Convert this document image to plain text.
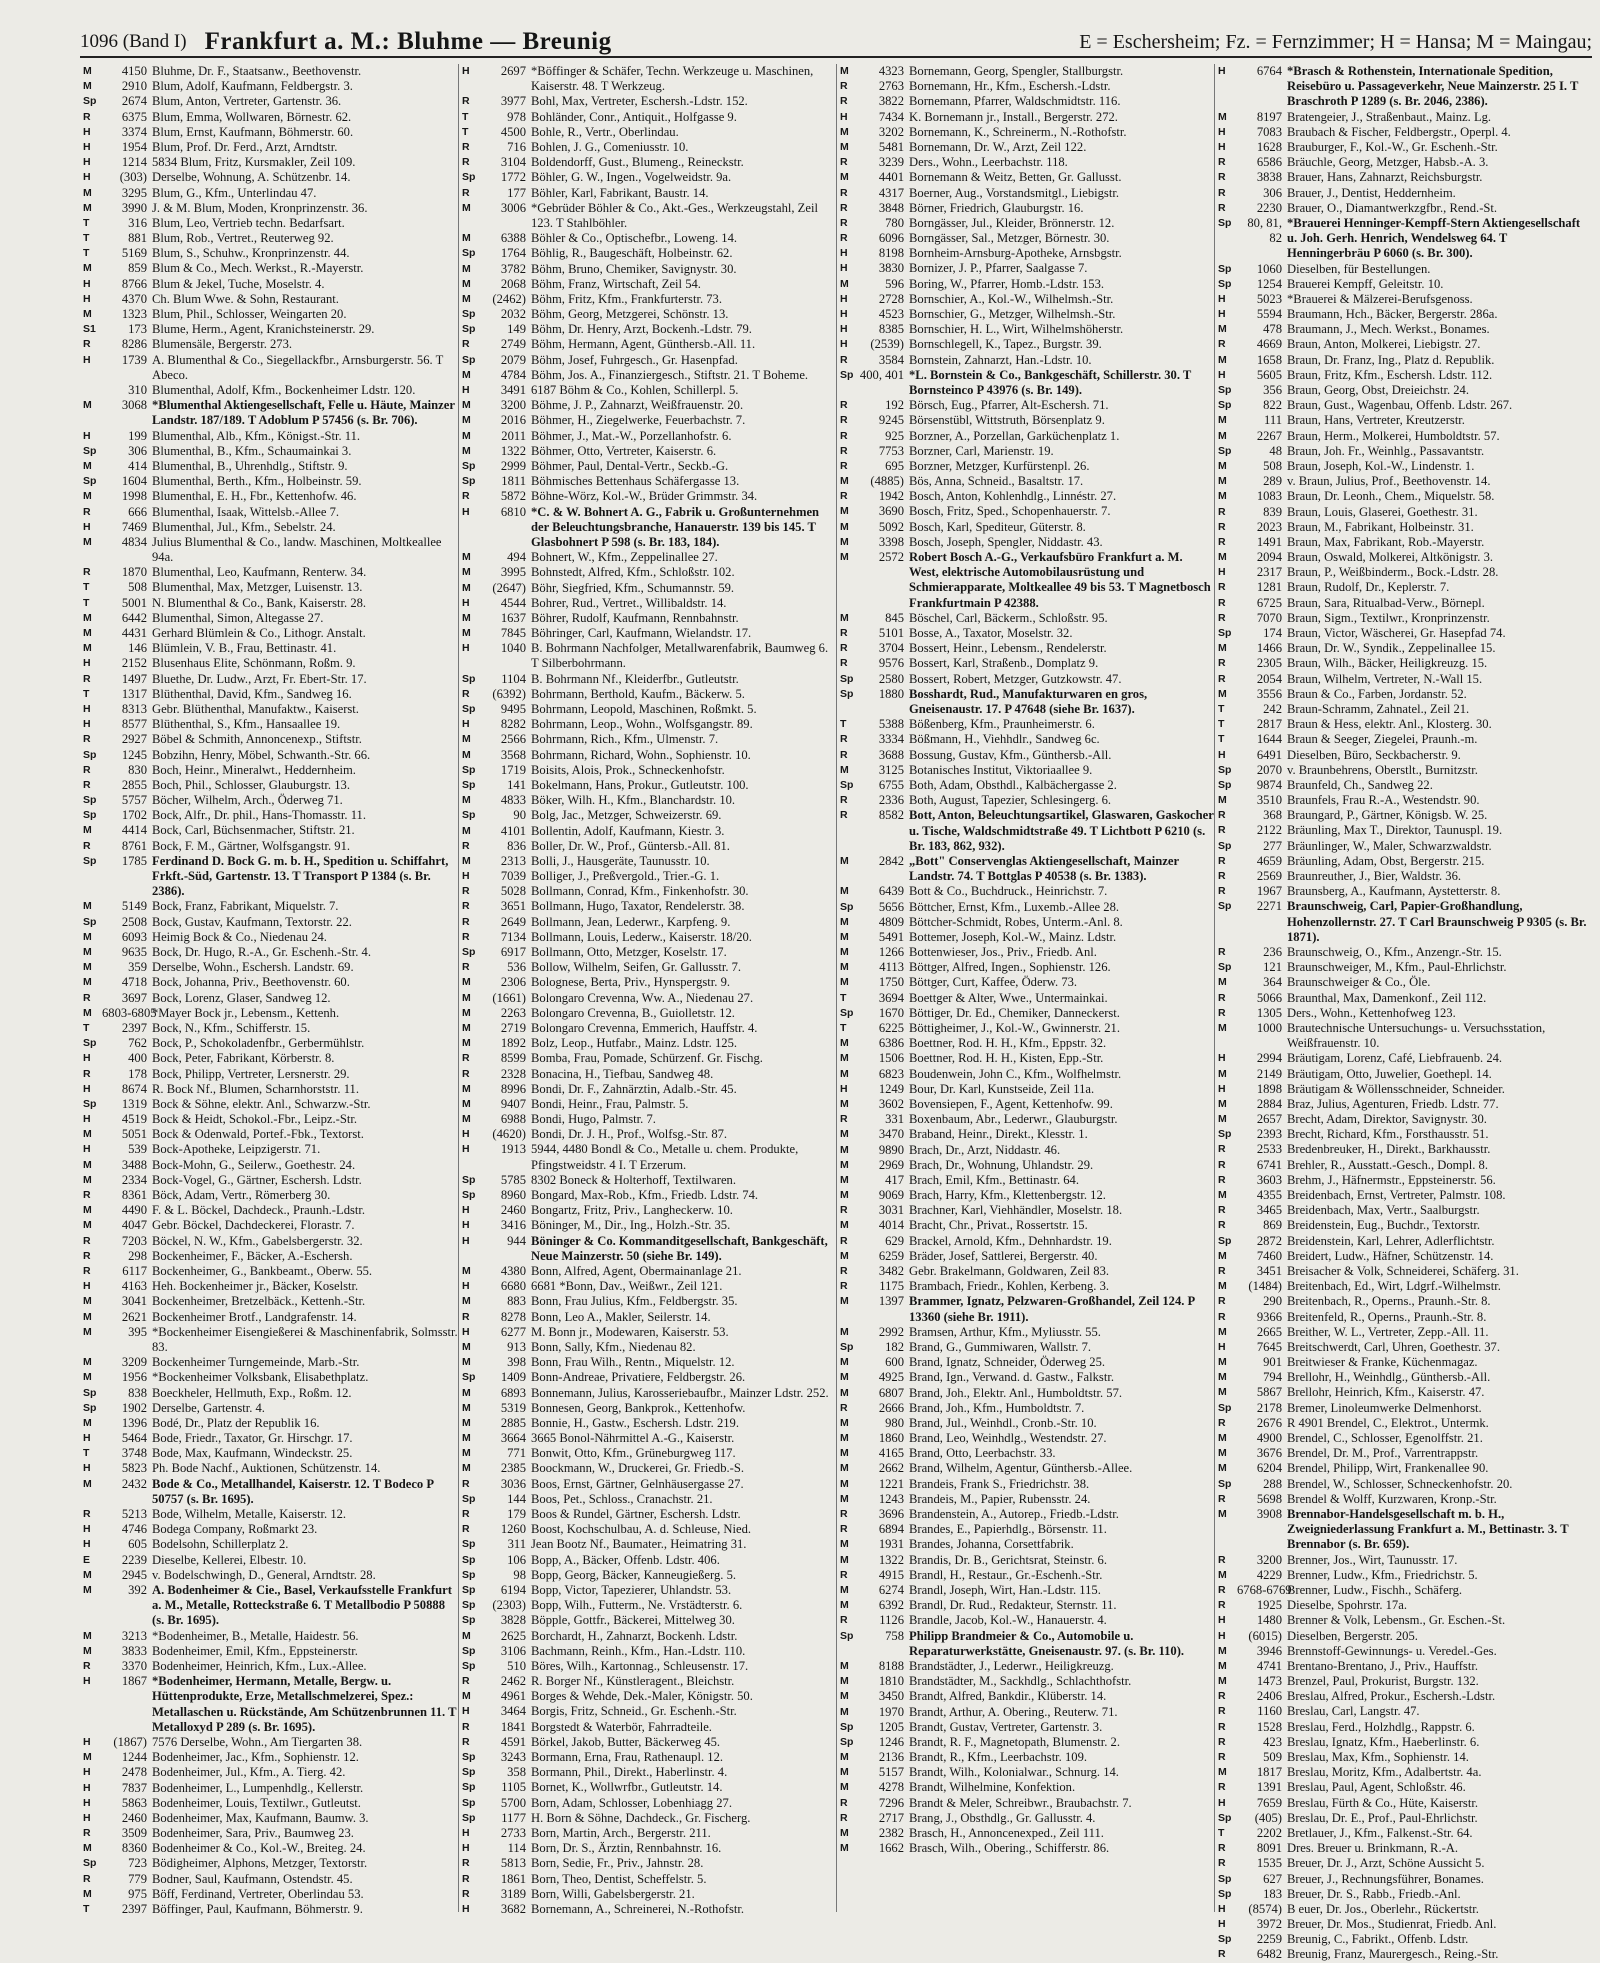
1096 (Band I) Frankfurt a. M.: Bluhme — Breunig	E = Eschersheim; Fz. = Fernzimmer; H = Hansa; M = Maingau;
M	4150 Bluhme, Dr. F., Staatsanw., Beethovenstr.
M	2910 Blum, Adolf, Kaufmann, Feldbergstr. 3.
Sp	2674 Blum, Anton, Vertreter, Gartenstr. 36.
R	6375 Blum, Emma, Wollwaren, Börnestr. 62.
H	3374 Blum, Ernst, Kaufmann, Böhmerstr. 60.
H	1954 Blum, Prof. Dr. Ferd., Arzt, Arndtstr.
H	1214 5834 Blum, Fritz, Kursmakler, Zeil 109.
H	(303) Derselbe, Wohnung, A. Schützenbr. 14.
M	3295 Blum, G., Kfm., Unterlindau 47.
M	3990 J. & M. Blum, Moden, Kronprinzenstr. 36.
T	316 Blum, Leo, Vertrieb techn. Bedarfsart.
T	881 Blum, Rob., Vertret., Reuterweg 92.
T	5169 Blum, S., Schuhw., Kronprinzenstr. 44.
M	859 Blum & Co., Mech. Werkst., R.-Mayerstr.
H	8766 Blum & Jekel, Tuche, Moselstr. 4.
H	4370 Ch. Blum Wwe. & Sohn, Restaurant.
M	1323 Blum, Phil., Schlosser, Weingarten 20.
S1	173 Blume, Herm., Agent, Kranichsteinerstr. 29.
R	8286 Blumensäle, Bergerstr. 273.
H	1739 A. Blumenthal & Co., Siegellackfbr., Arnsburgerstr. 56. T Abeco.
310 Blumenthal, Adolf, Kfm., Bockenheimer Ldstr. 120.
M	3068 *Blumenthal Aktiengesellschaft, Felle u. Häute, Mainzer Landstr. 187/189. T Adoblum P 57456 (s. Br. 706).
H	199 Blumenthal, Alb., Kfm., Königst.-Str. 11.
Sp	306 Blumenthal, B., Kfm., Schaumainkai 3.
M	414 Blumenthal, B., Uhrenhdlg., Stiftstr. 9.
Sp	1604 Blumenthal, Berth., Kfm., Holbeinstr. 59.
M	1998 Blumenthal, E. H., Fbr., Kettenhofw. 46.
R	666 Blumenthal, Isaak, Wittelsb.-Allee 7.
H	7469 Blumenthal, Jul., Kfm., Sebelstr. 24.
M	4834 Julius Blumenthal & Co., landw. Maschinen, Moltkeallee 94a.
R	1870 Blumenthal, Leo, Kaufmann, Renterw. 34.
T	508 Blumenthal, Max, Metzger, Luisenstr. 13.
T	5001 N. Blumenthal & Co., Bank, Kaiserstr. 28.
M	6442 Blumenthal, Simon, Altegasse 27.
M	4431 Gerhard Blümlein & Co., Lithogr. Anstalt.
M	146 Blümlein, V. B., Frau, Bettinastr. 41.
H	2152 Blusenhaus Elite, Schönmann, Roßm. 9.
R	1497 Bluethe, Dr. Ludw., Arzt, Fr. Ebert-Str. 17.
T	1317 Blüthenthal, David, Kfm., Sandweg 16.
H	8313 Gebr. Blüthenthal, Manufaktw., Kaiserst.
H	8577 Blüthenthal, S., Kfm., Hansaallee 19.
R	2927 Böbel & Schmith, Annoncenexp., Stiftstr.
Sp	1245 Bobzihn, Henry, Möbel, Schwanth.-Str. 66.
R	830 Boch, Heinr., Mineralwt., Heddernheim.
R	2855 Boch, Phil., Schlosser, Glauburgstr. 13.
Sp	5757 Böcher, Wilhelm, Arch., Öderweg 71.
Sp	1702 Bock, Alfr., Dr. phil., Hans-Thomasstr. 11.
M	4414 Bock, Carl, Büchsenmacher, Stiftstr. 21.
R	8761 Bock, F. M., Gärtner, Wolfsgangstr. 91.
Sp	1785 Ferdinand D. Bock G. m. b. H., Spedition u. Schiffahrt, Frkft.-Süd, Gartenstr. 13. T Transport P 1384 (s. Br. 2386).
M	5149 Bock, Franz, Fabrikant, Miquelstr. 7.
Sp	2508 Bock, Gustav, Kaufmann, Textorstr. 22.
M	6093 Heimig Bock & Co., Niedenau 24.
M	9635 Bock, Dr. Hugo, R.-A., Gr. Eschenh.-Str. 4.
M	359 Derselbe, Wohn., Eschersh. Landstr. 69.
M	4718 Bock, Johanna, Priv., Beethovenstr. 60.
R	3697 Bock, Lorenz, Glaser, Sandweg 12.
M 6803-6805
*Mayer Bock jr., Lebensm., Kettenh.
T	2397 Bock, N., Kfm., Schifferstr. 15.
Sp	762 Bock, P., Schokoladenfbr., Gerbermühlstr.
H	400 Bock, Peter, Fabrikant, Körberstr. 8.
R	178 Bock, Philipp, Vertreter, Lersnerstr. 29.
H	8674 R. Bock Nf., Blumen, Scharnhorststr. 11.
Sp	1319 Bock & Söhne, elektr. Anl., Schwarzw.-Str.
H	4519 Bock & Heidt, Schokol.-Fbr., Leipz.-Str.
M	5051 Bock & Odenwald, Portef.-Fbk., Textorst.
H	539 Bock-Apotheke, Leipzigerstr. 71.
M	3488 Bock-Mohn, G., Seilerw., Goethestr. 24.
M	2334 Bock-Vogel, G., Gärtner, Eschersh. Ldstr.
R	8361 Böck, Adam, Vertr., Römerberg 30.
M	4490 F. & L. Böckel, Dachdeck., Praunh.-Ldstr.
M	4047 Gebr. Böckel, Dachdeckerei, Florastr. 7.
R	7203 Böckel, N. W., Kfm., Gabelsbergerstr. 32.
R	298 Bockenheimer, F., Bäcker, A.-Eschersh.
R	6117 Bockenheimer, G., Bankbeamt., Oberw. 55.
H	4163 Heh. Bockenheimer jr., Bäcker, Koselstr.
M	3041 Bockenheimer, Bretzelbäck., Kettenh.-Str.
M	2621 Bockenheimer Brotf., Landgrafenstr. 14.
M	395 *Bockenheimer Eisengießerei & Maschinenfabrik, Solmsstr. 83.
M	3209 Bockenheimer Turngemeinde, Marb.-Str.
M	1956 *Bockenheimer Volksbank, Elisabethplatz.
Sp	838 Boeckheler, Hellmuth, Exp., Roßm. 12.
Sp	1902 Derselbe, Gartenstr. 4.
M	1396 Bodé, Dr., Platz der Republik 16.
H	5464 Bode, Friedr., Taxator, Gr. Hirschgr. 17.
T	3748 Bode, Max, Kaufmann, Windeckstr. 25.
H	5823 Ph. Bode Nachf., Auktionen, Schützenstr. 14.
M	2432 Bode & Co., Metallhandel, Kaiserstr. 12. T Bodeco P 50757 (s. Br. 1695).
R	5213 Bode, Wilhelm, Metalle, Kaiserstr. 12.
H	4746 Bodega Company, Roßmarkt 23.
H	605 Bodelsohn, Schillerplatz 2.
E	2239 Dieselbe, Kellerei, Elbestr. 10.
M	2945 v. Bodelschwingh, D., General, Arndtstr. 28.
M	392 A. Bodenheimer & Cie., Basel, Verkaufsstelle Frankfurt a. M., Metalle, Rotteckstraße 6. T Metallbodio P 50888 (s. Br. 1695).
M	3213 *Bodenheimer, B., Metalle, Haidestr. 56.
M	3833 Bodenheimer, Emil, Kfm., Eppsteinerstr.
R	3370 Bodenheimer, Heinrich, Kfm., Lux.-Allee.
H	1867 *Bodenheimer, Hermann, Metalle, Bergw. u. Hüttenprodukte, Erze, Metallschmelzerei, Spez.: Metallaschen u. Rückstände, Am Schützenbrunnen 11. T Metalloxyd P 289 (s. Br. 1695).
H	(1867) 7576 Derselbe, Wohn., Am Tiergarten 38.
M	1244 Bodenheimer, Jac., Kfm., Sophienstr. 12.
H	2478 Bodenheimer, Jul., Kfm., A. Tierg. 42.
H	7837 Bodenheimer, L., Lumpenhdlg., Kellerstr.
H	5863 Bodenheimer, Louis, Textilwr., Gutleutst.
H	2460 Bodenheimer, Max, Kaufmann, Baumw. 3.
R	3509 Bodenheimer, Sara, Priv., Baumweg 23.
M	8360 Bodenheimer & Co., Kol.-W., Breiteg. 24.
Sp	723 Bödigheimer, Alphons, Metzger, Textorstr.
R	779 Bodner, Saul, Kaufmann, Ostendstr. 45.
M	975 Böff, Ferdinand, Vertreter, Oberlindau 53.
T	2397 Böffinger, Paul, Kaufmann, Böhmerstr. 9.
H	2697 *Böffinger & Schäfer, Techn. Werkzeuge u. Maschinen, Kaiserstr. 48. T Werkzeug.
R	3977 Bohl, Max, Vertreter, Eschersh.-Ldstr. 152.
T	978 Bohländer, Conr., Antiquit., Holfgasse 9.
T	4500 Bohle, R., Vertr., Oberlindau.
R	716 Bohlen, J. G., Comeniusstr. 10.
R	3104 Boldendorff, Gust., Blumeng., Reineckstr.
Sp	1772 Böhler, G. W., Ingen., Vogelweidstr. 9a.
R	177 Böhler, Karl, Fabrikant, Baustr. 14.
M	3006 *Gebrüder Böhler & Co., Akt.-Ges., Werkzeugstahl, Zeil 123. T Stahlböhler.
M	6388 Böhler & Co., Optischefbr., Loweng. 14.
Sp	1764 Böhlig, R., Baugeschäft, Holbeinstr. 62.
M	3782 Böhm, Bruno, Chemiker, Savignystr. 30.
M	2068 Böhm, Franz, Wirtschaft, Zeil 54.
M	(2462) Böhm, Fritz, Kfm., Frankfurterstr. 73.
Sp	2032 Böhm, Georg, Metzgerei, Schönstr. 13.
Sp	149 Böhm, Dr. Henry, Arzt, Bockenh.-Ldstr. 79.
R	2749 Böhm, Hermann, Agent, Günthersb.-All. 11.
Sp	2079 Böhm, Josef, Fuhrgesch., Gr. Hasenpfad.
M	4784 Böhm, Jos. A., Finanziergesch., Stiftstr. 21. T Boheme.
H	3491 6187 Böhm & Co., Kohlen, Schillerpl. 5.
M	3200 Böhme, J. P., Zahnarzt, Weißfrauenstr. 20.
M	2016 Böhmer, H., Ziegelwerke, Feuerbachstr. 7.
M	2011 Böhmer, J., Mat.-W., Porzellanhofstr. 6.
M	1322 Böhmer, Otto, Vertreter, Kaiserstr. 6.
Sp	2999 Böhmer, Paul, Dental-Vertr., Seckb.-G.
Sp	1811 Böhmisches Bettenhaus Schäfergasse 13.
R	5872 Böhne-Wörz, Kol.-W., Brüder Grimmstr. 34.
H	6810 *C. & W. Bohnert A. G., Fabrik u. Großunternehmen der Beleuchtungsbranche, Hanauerstr. 139 bis 145. T Glasbohnert P 598 (s. Br. 183, 184).
M	494 Bohnert, W., Kfm., Zeppelinallee 27.
M	3995 Bohnstedt, Alfred, Kfm., Schloßstr. 102.
M	(2647) Böhr, Siegfried, Kfm., Schumannstr. 59.
H	4544 Bohrer, Rud., Vertret., Willibaldstr. 14.
M	1637 Böhrer, Rudolf, Kaufmann, Rennbahnstr.
M	7845 Böhringer, Carl, Kaufmann, Wielandstr. 17.
H	1040 B. Bohrmann Nachfolger, Metallwarenfabrik, Baumweg 6. T Silberbohrmann.
Sp	1104 B. Bohrmann Nf., Kleiderfbr., Gutleutstr.
R	(6392) Bohrmann, Berthold, Kaufm., Bäckerw. 5.
Sp	9495 Bohrmann, Leopold, Maschinen, Roßmkt. 5.
H	8282 Bohrmann, Leop., Wohn., Wolfsgangstr. 89.
M	2566 Bohrmann, Rich., Kfm., Ulmenstr. 7.
M	3568 Bohrmann, Richard, Wohn., Sophienstr. 10.
Sp	1719 Boisits, Alois, Prok., Schneckenhofstr.
Sp	141 Bokelmann, Hans, Prokur., Gutleutstr. 100.
M	4833 Böker, Wilh. H., Kfm., Blanchardstr. 10.
Sp	90 Bolg, Jac., Metzger, Schweizerstr. 69.
M	4101 Bollentin, Adolf, Kaufmann, Kiestr. 3.
R	836 Boller, Dr. W., Prof., Güntersb.-All. 81.
M	2313 Bolli, J., Hausgeräte, Taunusstr. 10.
H	7039 Bolliger, J., Preßvergold., Trier.-G. 1.
R	5028 Bollmann, Conrad, Kfm., Finkenhofstr. 30.
R	3651 Bollmann, Hugo, Taxator, Rendelerstr. 38.
R	2649 Bollmann, Jean, Lederwr., Karpfeng. 9.
R	7134 Bollmann, Louis, Lederw., Kaiserstr. 18/20.
Sp	6917 Bollmann, Otto, Metzger, Koselstr. 17.
R	536 Bollow, Wilhelm, Seifen, Gr. Gallusstr. 7.
M	2306 Bolognese, Berta, Priv., Hynspergstr. 9.
M	(1661) Bolongaro Crevenna, Ww. A., Niedenau 27.
M	2263 Bolongaro Crevenna, B., Guiolletstr. 12.
M	2719 Bolongaro Crevenna, Emmerich, Hauffstr. 4.
M	1892 Bolz, Leop., Hutfabr., Mainz. Ldstr. 125.
R	8599 Bomba, Frau, Pomade, Schürzenf. Gr. Fischg.
R	2328 Bonacina, H., Tiefbau, Sandweg 48.
M	8996 Bondi, Dr. F., Zahnärztin, Adalb.-Str. 45.
M	9407 Bondi, Heinr., Frau, Palmstr. 5.
M	6988 Bondi, Hugo, Palmstr. 7.
H	(4620) Bondi, Dr. J. H., Prof., Wolfsg.-Str. 87.
H	1913 5944, 4480 Bondl & Co., Metalle u. chem. Produkte, Pfingstweidstr. 4 I. T Erzerum.
Sp	5785 8302 Boneck & Holterhoff, Textilwaren.
Sp	8960 Bongard, Max-Rob., Kfm., Friedb. Ldstr. 74.
H	2460 Bongartz, Fritz, Priv., Langheckerw. 10.
H	3416 Böninger, M., Dir., Ing., Holzh.-Str. 35.
H	944 Böninger & Co. Kommanditgesellschaft, Bankgeschäft, Neue Mainzerstr. 50 (siehe Br. 149).
M	4380 Bonn, Alfred, Agent, Obermainanlage 21.
H	6680 6681 *Bonn, Dav., Weißwr., Zeil 121.
M	883 Bonn, Frau Julius, Kfm., Feldbergstr. 35.
R	8278 Bonn, Leo A., Makler, Seilerstr. 14.
H	6277 M. Bonn jr., Modewaren, Kaiserstr. 53.
M	913 Bonn, Sally, Kfm., Niedenau 82.
M	398 Bonn, Frau Wilh., Rentn., Miquelstr. 12.
Sp	1409 Bonn-Andreae, Privatiere, Feldbergstr. 26.
M	6893 Bonnemann, Julius, Karosseriebaufbr., Mainzer Ldstr. 252.
M	5319 Bonnesen, Georg, Bankprok., Kettenhofw.
M	2885 Bonnie, H., Gastw., Eschersh. Ldstr. 219.
M	3664 3665 Bonol-Nährmittel A.-G., Kaiserstr.
M	771 Bonwit, Otto, Kfm., Grüneburgweg 117.
M	2385 Boockmann, W., Druckerei, Gr. Friedb.-S.
R	3036 Boos, Ernst, Gärtner, Gelnhäusergasse 27.
Sp	144 Boos, Pet., Schloss., Cranachstr. 21.
R	179 Boos & Rundel, Gärtner, Eschersh. Ldstr.
R	1260 Boost, Kochschulbau, A. d. Schleuse, Nied.
Sp	311 Jean Bootz Nf., Baumater., Heimatring 31.
Sp	106 Bopp, A., Bäcker, Offenb. Ldstr. 406.
Sp	98 Bopp, Georg, Bäcker, Kanneugießerg. 5.
Sp	6194 Bopp, Victor, Tapezierer, Uhlandstr. 53.
Sp	(2303) Bopp, Wilh., Futterm., Ne. Vrstädterstr. 6.
Sp	3828 Böpple, Gottfr., Bäckerei, Mittelweg 30.
M	2625 Borchardt, H., Zahnarzt, Bockenh. Ldstr.
Sp	3106 Bachmann, Reinh., Kfm., Han.-Ldstr. 110.
Sp	510 Böres, Wilh., Kartonnag., Schleusenstr. 17.
R	2462 R. Borger Nf., Künstleragent., Bleichstr.
M	4961 Borges & Wehde, Dek.-Maler, Königstr. 50.
H	3464 Borgis, Fritz, Schneid., Gr. Eschenh.-Str.
R	1841 Borgstedt & Waterbör, Fahrradteile.
R	4591 Börkel, Jakob, Butter, Bäckerweg 45.
Sp	3243 Bormann, Erna, Frau, Rathenaupl. 12.
Sp	358 Bormann, Phil., Direkt., Haberlinstr. 4.
Sp	1105 Bornet, K., Wollwrfbr., Gutleutstr. 14.
Sp	5700 Born, Adam, Schlosser, Lobenhiagg 27.
Sp	1177 H. Born & Söhne, Dachdeck., Gr. Fischerg.
H	2733 Born, Martin, Arch., Bergerstr. 211.
H	114 Born, Dr. S., Ärztin, Rennbahnstr. 16.
R	5813 Born, Sedie, Fr., Priv., Jahnstr. 28.
R	1861 Born, Theo, Dentist, Scheffelstr. 5.
R	3189 Born, Willi, Gabelsbergerstr. 21.
H	3682 Bornemann, A., Schreinerei, N.-Rothofstr.
M	4323 Bornemann, Georg, Spengler, Stallburgstr.
R	2763 Bornemann, Hr., Kfm., Eschersh.-Ldstr.
R	3822 Bornemann, Pfarrer, Waldschmidtstr. 116.
H	7434 K. Bornemann jr., Install., Bergerstr. 272.
M	3202 Bornemann, K., Schreinerm., N.-Rothofstr.
M	5481 Bornemann, Dr. W., Arzt, Zeil 122.
R	3239 Ders., Wohn., Leerbachstr. 118.
M	4401 Bornemann & Weitz, Betten, Gr. Gallusst.
R	4317 Boerner, Aug., Vorstandsmitgl., Liebigstr.
R	3848 Börner, Friedrich, Glauburgstr. 16.
R	780 Borngässer, Jul., Kleider, Brönnerstr. 12.
R	6096 Borngässer, Sal., Metzger, Börnestr. 30.
H	8198 Bornheim-Arnsburg-Apotheke, Arnsbgstr.
H	3830 Bornizer, J. P., Pfarrer, Saalgasse 7.
M	596 Boring, W., Pfarrer, Homb.-Ldstr. 153.
H	2728 Bornschier, A., Kol.-W., Wilhelmsh.-Str.
H	4523 Bornschier, G., Metzger, Wilhelmsh.-Str.
H	8385 Bornschier, H. L., Wirt, Wilhelmshöherstr.
H	(2539) Bornschlegell, K., Tapez., Burgstr. 39.
R	3584 Bornstein, Zahnarzt, Han.-Ldstr. 10.
Sp 400, 401 *L. Bornstein & Co., Bankgeschäft, Schillerstr. 30. T Bornsteinco P 43976 (s. Br. 149).
R	192 Börsch, Eug., Pfarrer, Alt-Eschersh. 71.
R	9245 Börsenstübl, Wittstruth, Börsenplatz 9.
R	925 Borzner, A., Porzellan, Garküchenplatz 1.
R	7753 Borzner, Carl, Marienstr. 19.
R	695 Borzner, Metzger, Kurfürstenpl. 26.
M	(4885) Bös, Anna, Schneid., Basaltstr. 17.
R	1942 Bosch, Anton, Kohlenhdlg., Linnéstr. 27.
M	3690 Bosch, Fritz, Sped., Schopenhauerstr. 7.
M	5092 Bosch, Karl, Spediteur, Güterstr. 8.
M	3398 Bosch, Joseph, Spengler, Niddastr. 43.
M	2572 Robert Bosch A.-G., Verkaufsbüro Frankfurt a. M. West, elektrische Automobilausrüstung und Schmierapparate, Moltkeallee 49 bis 53. T Magnetbosch Frankfurtmain P 42388.
M	845 Böschel, Carl, Bäckerm., Schloßstr. 95.
R	5101 Bosse, A., Taxator, Moselstr. 32.
R	3704 Bossert, Heinr., Lebensm., Rendelerstr.
R	9576 Bossert, Karl, Straßenb., Domplatz 9.
Sp	2580 Bossert, Robert, Metzger, Gutzkowstr. 47.
Sp	1880 Bosshardt, Rud., Manufakturwaren en gros, Gneisenaustr. 17. P 47648 (siehe Br. 1637).
T	5388 Bößenberg, Kfm., Praunheimerstr. 6.
R	3334 Bößmann, H., Viehhdlr., Sandweg 6c.
R	3688 Bossung, Gustav, Kfm., Günthersb.-All.
M	3125 Botanisches Institut, Viktoriaallee 9.
Sp	6755 Both, Adam, Obsthdl., Kalbächergasse 2.
R	2336 Both, August, Tapezier, Schlesingerg. 6.
R	8582 Bott, Anton, Beleuchtungsartikel, Glaswaren, Gaskocher u. Tische, Waldschmidtstraße 49. T Lichtbott P 6210 (s. Br. 183, 862, 932).
M	2842 „Bott" Conservenglas Aktiengesellschaft, Mainzer Landstr. 74. T Bottglas P 40538 (s. Br. 1383).
M	6439 Bott & Co., Buchdruck., Heinrichstr. 7.
Sp	5656 Böttcher, Ernst, Kfm., Luxemb.-Allee 28.
M	4809 Böttcher-Schmidt, Robes, Unterm.-Anl. 8.
M	5491 Bottemer, Joseph, Kol.-W., Mainz. Ldstr.
M	1266 Bottenwieser, Jos., Priv., Friedb. Anl.
M	4113 Böttger, Alfred, Ingen., Sophienstr. 126.
M	1750 Böttger, Curt, Kaffee, Öderw. 73.
T	3694 Boettger & Alter, Wwe., Untermainkai.
Sp	1670 Böttiger, Dr. Ed., Chemiker, Danneckerst.
T	6225 Böttigheimer, J., Kol.-W., Gwinnerstr. 21.
M	6386 Boettner, Rod. H. H., Kfm., Eppstr. 32.
M	1506 Boettner, Rod. H. H., Kisten, Epp.-Str.
M	6823 Boudenwein, John C., Kfm., Wolfhelmstr.
H	1249 Bour, Dr. Karl, Kunstseide, Zeil 11a.
M	3602 Bovensiepen, F., Agent, Kettenhofw. 99.
R	331 Boxenbaum, Abr., Lederwr., Glauburgstr.
M	3470 Braband, Heinr., Direkt., Klesstr. 1.
M	9890 Brach, Dr., Arzt, Niddastr. 46.
M	2969 Brach, Dr., Wohnung, Uhlandstr. 29.
M	417 Brach, Emil, Kfm., Bettinastr. 64.
M	9069 Brach, Harry, Kfm., Klettenbergstr. 12.
R	3031 Brachner, Karl, Viehhändler, Moselstr. 18.
M	4014 Bracht, Chr., Privat., Rossertstr. 15.
R	629 Brackel, Arnold, Kfm., Dehnhardstr. 19.
M	6259 Bräder, Josef, Sattlerei, Bergerstr. 40.
R	3482 Gebr. Brakelmann, Goldwaren, Zeil 83.
R	1175 Brambach, Friedr., Kohlen, Kerbeng. 3.
M	1397 Brammer, Ignatz, Pelzwaren-Großhandel, Zeil 124. P 13360 (siehe Br. 1911).
M	2992 Bramsen, Arthur, Kfm., Myliusstr. 55.
Sp	182 Brand, G., Gummiwaren, Wallstr. 7.
M	600 Brand, Ignatz, Schneider, Öderweg 25.
M	4925 Brand, Ign., Verwand. d. Gastw., Falkstr.
M	6807 Brand, Joh., Elektr. Anl., Humboldtstr. 57.
R	2666 Brand, Joh., Kfm., Humboldtstr. 7.
M	980 Brand, Jul., Weinhdl., Cronb.-Str. 10.
M	1860 Brand, Leo, Weinhdlg., Westendstr. 27.
M	4165 Brand, Otto, Leerbachstr. 33.
M	2662 Brand, Wilhelm, Agentur, Günthersb.-Allee.
M	1221 Brandeis, Frank S., Friedrichstr. 38.
M	1243 Brandeis, M., Papier, Rubensstr. 24.
R	3696 Brandenstein, A., Autorep., Friedb.-Ldstr.
R	6894 Brandes, E., Papierhdlg., Börsenstr. 11.
M	1931 Brandes, Johanna, Corsettfabrik.
M	1322 Brandis, Dr. B., Gerichtsrat, Steinstr. 6.
R	4915 Brandl, H., Restaur., Gr.-Eschenh.-Str.
M	6274 Brandl, Joseph, Wirt, Han.-Ldstr. 115.
M	6392 Brandl, Dr. Rud., Redakteur, Sternstr. 11.
R	1126 Brandle, Jacob, Kol.-W., Hanauerstr. 4.
Sp	758 Philipp Brandmeier & Co., Automobile u. Reparaturwerkstätte, Gneisenaustr. 97. (s. Br. 110).
M	8188 Brandstädter, J., Lederwr., Heiligkreuzg.
M	1810 Brandstädter, M., Sackhdlg., Schlachthofstr.
M	3450 Brandt, Alfred, Bankdir., Klüberstr. 14.
M	1970 Brandt, Arthur, A. Obering., Reuterw. 71.
Sp	1205 Brandt, Gustav, Vertreter, Gartenstr. 3.
Sp	1246 Brandt, R. F., Magnetopath, Blumenstr. 2.
M	2136 Brandt, R., Kfm., Leerbachstr. 109.
M	5157 Brandt, Wilh., Kolonialwar., Schnurg. 14.
M	4278 Brandt, Wilhelmine, Konfektion.
R	7296 Brandt & Meler, Schreibwr., Braubachstr. 7.
R	2717 Brang, J., Obsthdlg., Gr. Gallusstr. 4.
M	2382 Brasch, H., Annoncenexped., Zeil 111.
M	1662 Brasch, Wilh., Obering., Schifferstr. 86.
H	6764 *Brasch & Rothenstein, Internationale Spedition, Reisebüro u. Passageverkehr, Neue Mainzerstr. 25 I. T Braschroth P 1289 (s. Br. 2046, 2386).
M	8197 Bratengeier, J., Straßenbaut., Mainz. Lg.
H	7083 Braubach & Fischer, Feldbergstr., Operpl. 4.
H	1628 Brauburger, F., Kol.-W., Gr. Eschenh.-Str.
R	6586 Bräuchle, Georg, Metzger, Habsb.-A. 3.
R	3838 Brauer, Hans, Zahnarzt, Reichsburgstr.
R	306 Brauer, J., Dentist, Heddernheim.
R	2230 Brauer, O., Diamantwerkzgfbr., Rend.-St.
Sp	80, 81, 82
*Brauerei Henninger-Kempff-Stern Aktiengesellschaft u. Joh. Gerh. Henrich, Wendelsweg 64. T Henningerbräu P 6060 (s. Br. 300).
Sp	1060 Dieselben, für Bestellungen.
Sp	1254 Brauerei Kempff, Geleitstr. 10.
H	5023 *Brauerei & Mälzerei-Berufsgenoss.
H	5594 Braumann, Hch., Bäcker, Bergerstr. 286a.
M	478 Braumann, J., Mech. Werkst., Bonames.
R	4669 Braun, Anton, Molkerei, Liebigstr. 27.
M	1658 Braun, Dr. Franz, Ing., Platz d. Republik.
H	5605 Braun, Fritz, Kfm., Eschersh. Ldstr. 112.
Sp	356 Braun, Georg, Obst, Dreieichstr. 24.
Sp	822 Braun, Gust., Wagenbau, Offenb. Ldstr. 267.
M	111 Braun, Hans, Vertreter, Kreutzerstr.
M	2267 Braun, Herm., Molkerei, Humboldtstr. 57.
Sp	48 Braun, Joh. Fr., Weinhlg., Passavantstr.
M	508 Braun, Joseph, Kol.-W., Lindenstr. 1.
M	289 v. Braun, Julius, Prof., Beethovenstr. 14.
M	1083 Braun, Dr. Leonh., Chem., Miquelstr. 58.
R	839 Braun, Louis, Glaserei, Goethestr. 31.
R	2023 Braun, M., Fabrikant, Holbeinstr. 31.
R	1491 Braun, Max, Fabrikant, Rob.-Mayerstr.
M	2094 Braun, Oswald, Molkerei, Altkönigstr. 3.
H	2317 Braun, P., Weißbinderm., Bock.-Ldstr. 28.
R	1281 Braun, Rudolf, Dr., Keplerstr. 7.
R	6725 Braun, Sara, Ritualbad-Verw., Börnepl.
R	7070 Braun, Sigm., Textilwr., Kronprinzenstr.
Sp	174 Braun, Victor, Wäscherei, Gr. Hasepfad 74.
M	1466 Braun, Dr. W., Syndik., Zeppelinallee 15.
R	2305 Braun, Wilh., Bäcker, Heiligkreuzg. 15.
R	2054 Braun, Wilhelm, Vertreter, N.-Wall 15.
M	3556 Braun & Co., Farben, Jordanstr. 52.
T	242 Braun-Schramm, Zahnatel., Zeil 21.
T	2817 Braun & Hess, elektr. Anl., Klosterg. 30.
T	1644 Braun & Seeger, Ziegelei, Praunh.-m.
H	6491 Dieselben, Büro, Seckbacherstr. 9.
Sp	2070 v. Braunbehrens, Oberstlt., Burnitzstr.
Sp	9874 Braunfeld, Ch., Sandweg 22.
M	3510 Braunfels, Frau R.-A., Westendstr. 90.
R	368 Braungard, P., Gärtner, Königsb. W. 25.
R	2122 Bräunling, Max T., Direktor, Taunuspl. 19.
Sp	277 Bräunlinger, W., Maler, Schwarzwaldstr.
R	4659 Bräunling, Adam, Obst, Bergerstr. 215.
R	2569 Braunreuther, J., Bier, Waldstr. 36.
R	1967 Braunsberg, A., Kaufmann, Aystetterstr. 8.
Sp	2271 Braunschweig, Carl, Papier-Großhandlung, Hohenzollernstr. 27. T Carl Braunschweig P 9305 (s. Br. 1871).
R	236 Braunschweig, O., Kfm., Anzengr.-Str. 15.
Sp	121 Braunschweiger, M., Kfm., Paul-Ehrlichstr.
M	364 Braunschweiger & Co., Öle.
R	5066 Braunthal, Max, Damenkonf., Zeil 112.
R	1305 Ders., Wohn., Kettenhofweg 123.
M	1000 Brautechnische Untersuchungs- u. Versuchsstation, Weißfrauenstr. 10.
H	2994 Bräutigam, Lorenz, Café, Liebfrauenb. 24.
M	2149 Bräutigam, Otto, Juwelier, Goethepl. 14.
H	1898 Bräutigam & Wöllensschneider, Schneider.
M	2884 Braz, Julius, Agenturen, Friedb. Ldstr. 77.
M	2657 Brecht, Adam, Direktor, Savignystr. 30.
Sp	2393 Brecht, Richard, Kfm., Forsthausstr. 51.
R	2533 Bredenbreuker, H., Direkt., Barkhausstr.
R	6741 Brehler, R., Ausstatt.-Gesch., Dompl. 8.
R	3603 Brehm, J., Häfnermstr., Eppsteinerstr. 56.
M	4355 Breidenbach, Ernst, Vertreter, Palmstr. 108.
R	3465 Breidenbach, Max, Vertr., Saalburgstr.
R	869 Breidenstein, Eug., Buchdr., Textorstr.
Sp	2872 Breidenstein, Karl, Lehrer, Adlerflichtstr.
M	7460 Breidert, Ludw., Häfner, Schützenstr. 14.
R	3451 Breisacher & Volk, Schneiderei, Schäferg. 31.
M	(1484) Breitenbach, Ed., Wirt, Ldgrf.-Wilhelmstr.
R	290 Breitenbach, R., Operns., Praunh.-Str. 8.
R	9366 Breitenfeld, R., Operns., Praunh.-Str. 8.
M	2665 Breither, W. L., Vertreter, Zepp.-All. 11.
H	7645 Breitschwerdt, Carl, Uhren, Goethestr. 37.
M	901 Breitwieser & Franke, Küchenmagaz.
M	794 Brellohr, H., Weinhdlg., Günthersb.-All.
M	5867 Brellohr, Heinrich, Kfm., Kaiserstr. 47.
Sp	2178 Bremer, Linoleumwerke Delmenhorst.
R	2676 R 4901 Brendel, C., Elektrot., Untermk.
M	4900 Brendel, C., Schlosser, Egenolffstr. 21.
M	3676 Brendel, Dr. M., Prof., Varrentrappstr.
M	6204 Brendel, Philipp, Wirt, Frankenallee 90.
Sp	288 Brendel, W., Schlosser, Schneckenhofstr. 20.
R	5698 Brendel & Wolff, Kurzwaren, Kronp.-Str.
M	3908 Brennabor-Handelsgesellschaft m. b. H., Zweigniederlassung Frankfurt a. M., Bettinastr. 3. T Brennabor (s. Br. 659).
R	3200 Brenner, Jos., Wirt, Taunusstr. 17.
M	4229 Brenner, Ludw., Kfm., Friedrichstr. 5.
R 6768-6769
Brenner, Ludw., Fischh., Schäferg.
R	1925 Dieselbe, Spohrstr. 17a.
H	1480 Brenner & Volk, Lebensm., Gr. Eschen.-St.
H	(6015) Dieselben, Bergerstr. 205.
M	3946 Brennstoff-Gewinnungs- u. Veredel.-Ges.
M	4741 Brentano-Brentano, J., Priv., Hauffstr.
M	1473 Brenzel, Paul, Prokurist, Burgstr. 132.
R	2406 Breslau, Alfred, Prokur., Eschersh.-Ldstr.
R	1160 Breslau, Carl, Langstr. 47.
R	1528 Breslau, Ferd., Holzhdlg., Rappstr. 6.
R	423 Breslau, Ignatz, Kfm., Haeberlinstr. 6.
R	509 Breslau, Max, Kfm., Sophienstr. 14.
M	1817 Breslau, Moritz, Kfm., Adalbertstr. 4a.
R	1391 Breslau, Paul, Agent, Schloßstr. 46.
H	7659 Breslau, Fürth & Co., Hüte, Kaiserstr.
Sp	(405) Breslau, Dr. E., Prof., Paul-Ehrlichstr.
T	2202 Bretlauer, J., Kfm., Falkenst.-Str. 64.
R	8091 Dres. Breuer u. Brinkmann, R.-A.
R	1535 Breuer, Dr. J., Arzt, Schöne Aussicht 5.
Sp	627 Breuer, J., Rechnungsführer, Bonames.
Sp	183 Breuer, Dr. S., Rabb., Friedb.-Anl.
H	(8574) B euer, Dr. Jos., Oberlehr., Rückertstr.
H	3972 Breuer, Dr. Mos., Studienrat, Friedb. Anl.
Sp	2259 Breunig, C., Fabrikt., Offenb. Ldstr.
R	6482 Breunig, Franz, Maurergesch., Reing.-Str.
